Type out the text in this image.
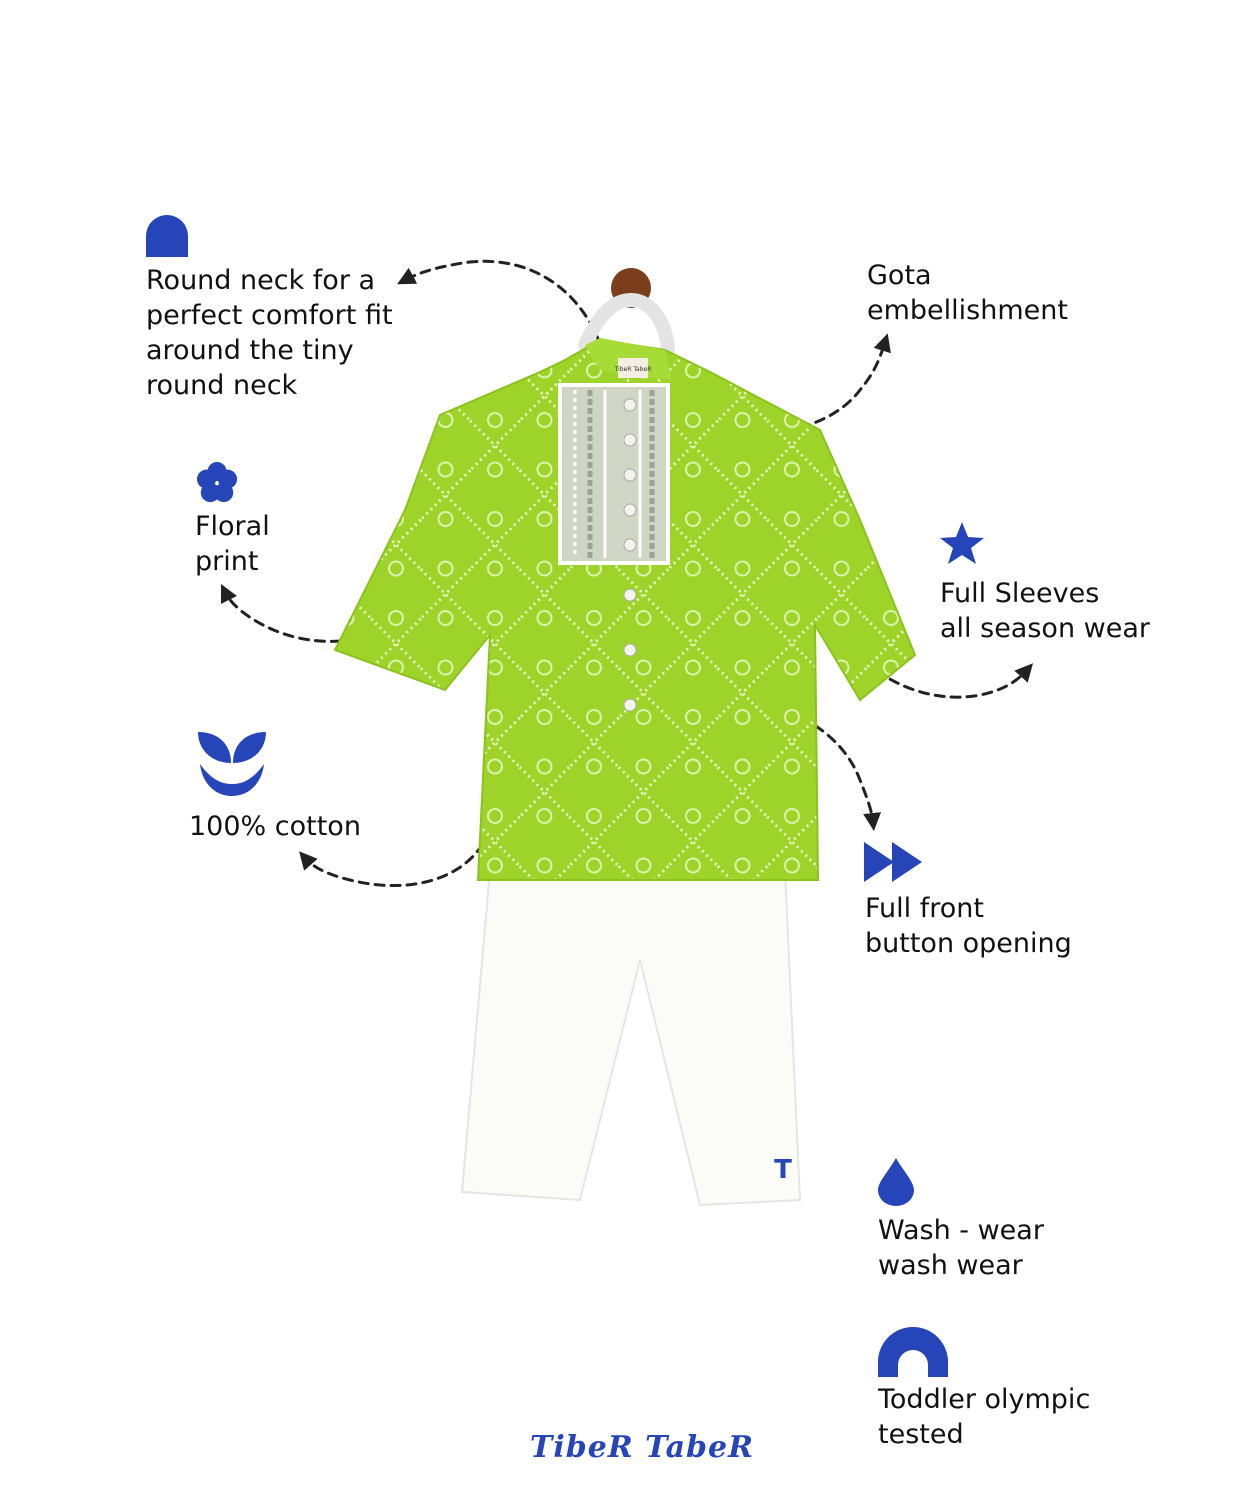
TibeR TabeR
T

Round neck for a
perfect comfort fit
around the tiny
round neck

Gota
embellishment

Floral
print

Full Sleeves
all season wear

100% cotton

Full front
button opening

Wash - wear
wash wear

Toddler olympic
tested

TibeR TabeR
